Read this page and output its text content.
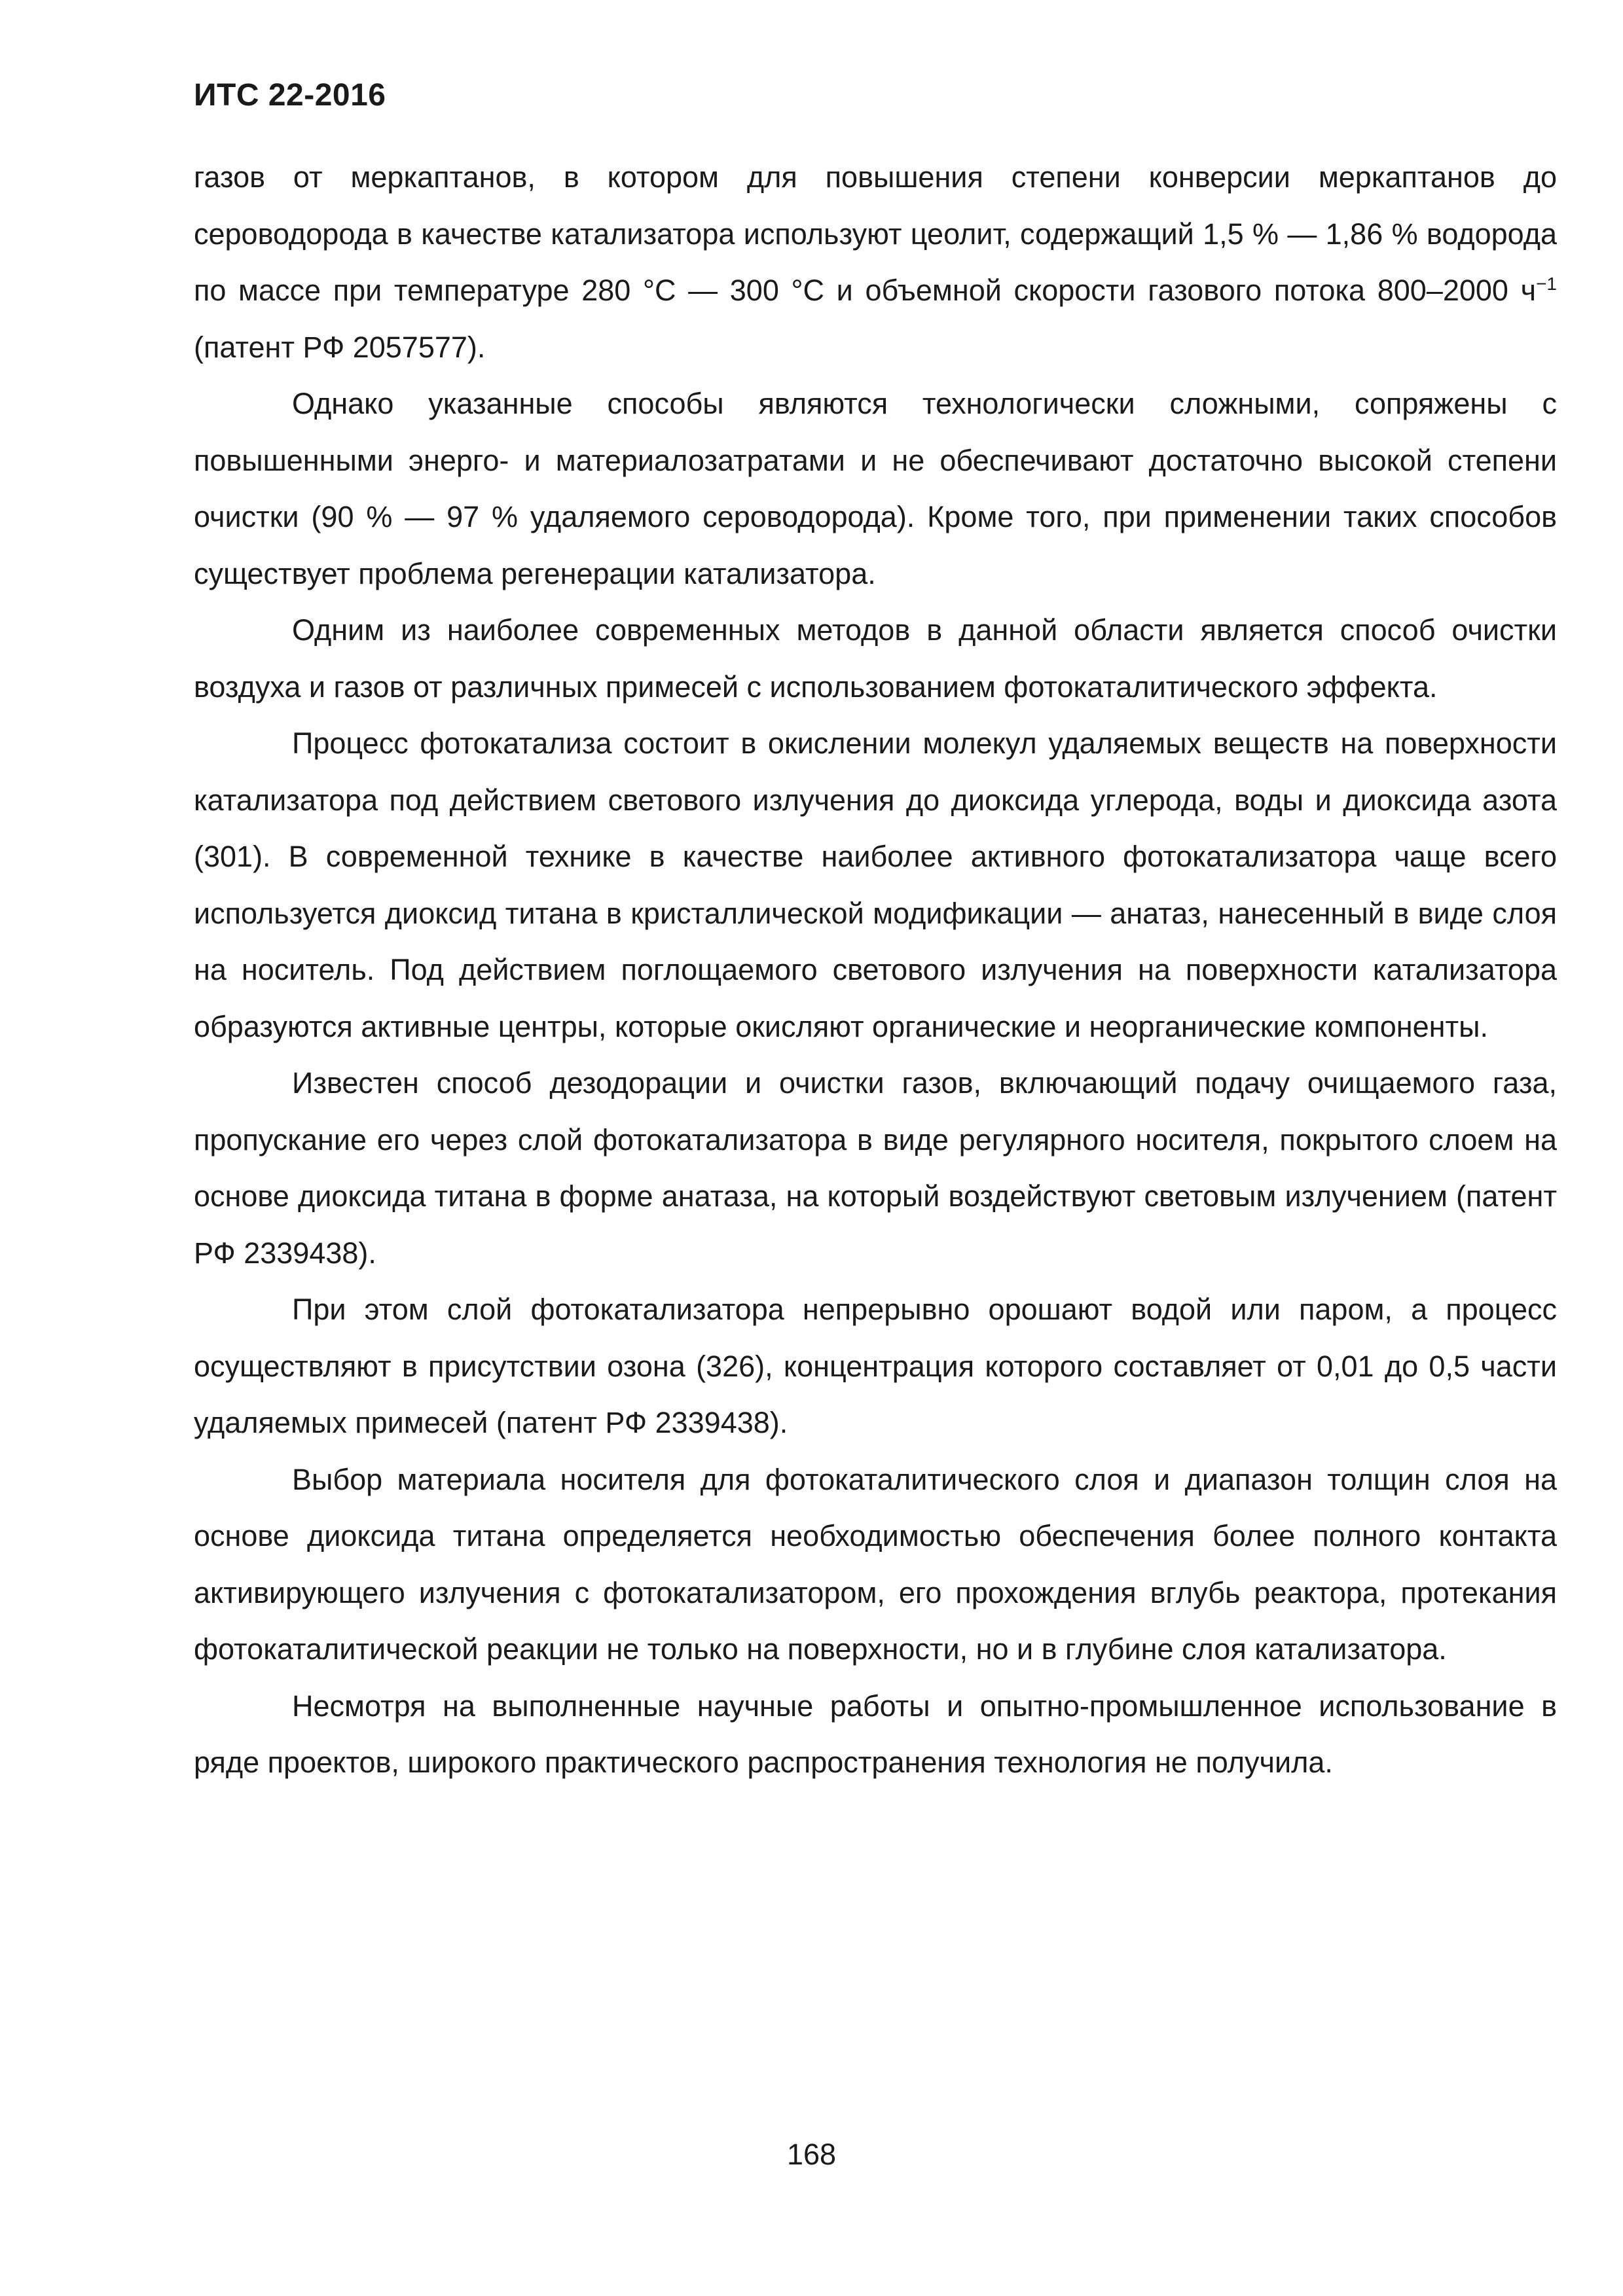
ИТС 22-2016

газов от меркаптанов, в котором для повышения степени конверсии меркаптанов до сероводорода в качестве катализатора используют цеолит, содержащий 1,5 % — 1,86 % водорода по массе при температуре 280 °С — 300 °С и объемной скорости газового потока 800–2000 $ч^{-1}$ (патент РФ 2057577).

Однако указанные способы являются технологически сложными, сопряжены с повышенными энерго- и материалозатратами и не обеспечивают достаточно высокой степени очистки (90 % — 97 % удаляемого сероводорода). Кроме того, при применении таких способов существует проблема регенерации катализатора.

Одним из наиболее современных методов в данной области является способ очистки воздуха и газов от различных примесей с использованием фотокаталитического эффекта.

Процесс фотокатализа состоит в окислении молекул удаляемых веществ на поверхности катализатора под действием светового излучения до диоксида углерода, воды и диоксида азота (301). В современной технике в качестве наиболее активного фотокатализатора чаще всего используется диоксид титана в кристаллической модификации — анатаз, нанесенный в виде слоя на носитель. Под действием поглощаемого светового излучения на поверхности катализатора образуются активные центры, которые окисляют органические и неорганические компоненты.

Известен способ дезодорации и очистки газов, включающий подачу очищаемого газа, пропускание его через слой фотокатализатора в виде регулярного носителя, покрытого слоем на основе диоксида титана в форме анатаза, на который воздействуют световым излучением (патент РФ 2339438).

При этом слой фотокатализатора непрерывно орошают водой или паром, а процесс осуществляют в присутствии озона (326), концентрация которого составляет от 0,01 до 0,5 части удаляемых примесей (патент РФ 2339438).

Выбор материала носителя для фотокаталитического слоя и диапазон толщин слоя на основе диоксида титана определяется необходимостью обеспечения более полного контакта активирующего излучения с фотокатализатором, его прохождения вглубь реактора, протекания фотокаталитической реакции не только на поверхности, но и в глубине слоя катализатора.

Несмотря на выполненные научные работы и опытно-промышленное использование в ряде проектов, широкого практического распространения технология не получила.

168
